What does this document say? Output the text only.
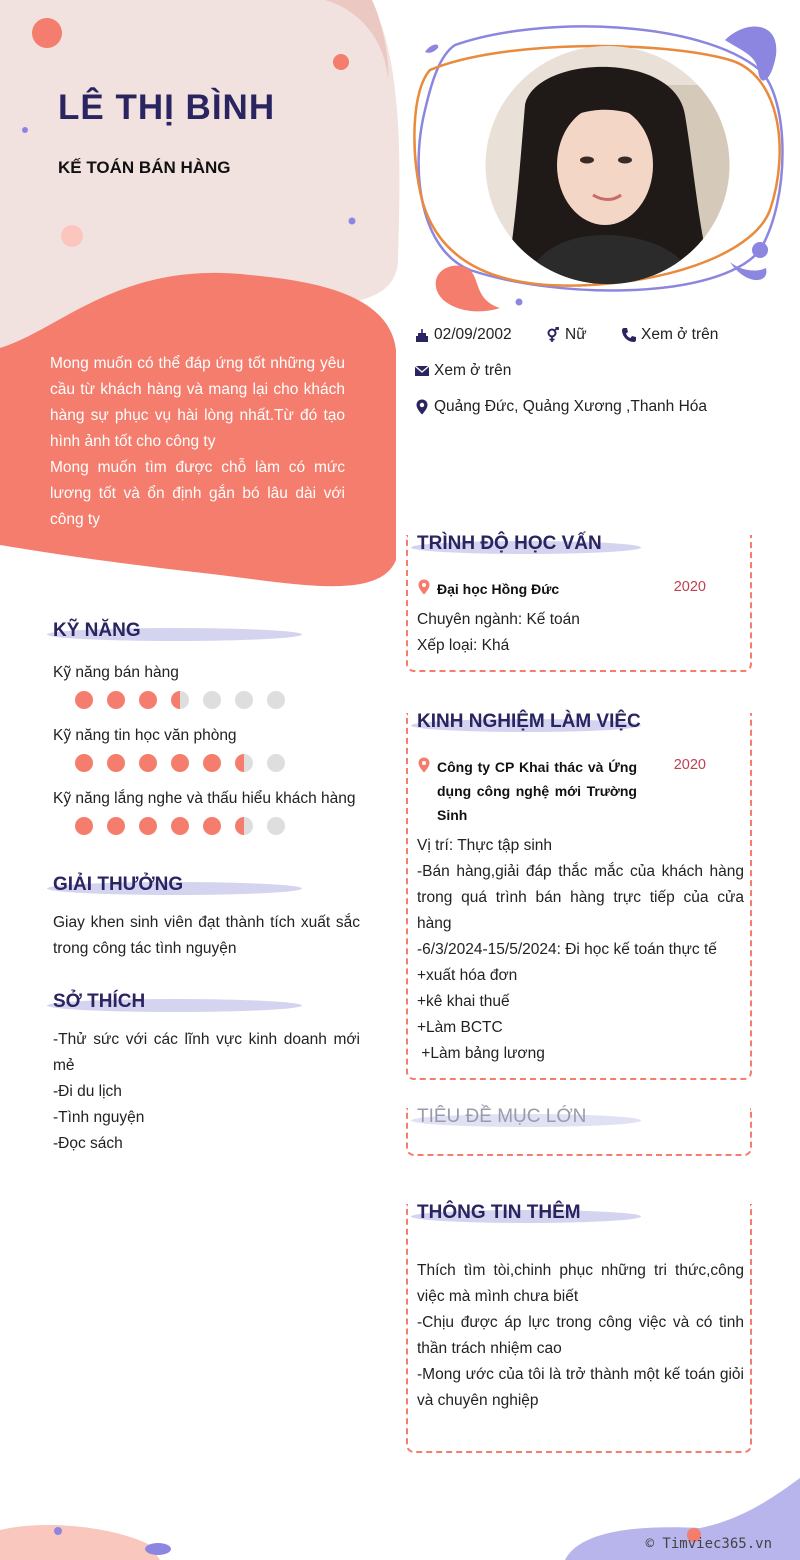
LÊ THỊ BÌNH
KẾ TOÁN BÁN HÀNG

Mong muốn có thể đáp ứng tốt những yêu cầu từ khách hàng và mang lại cho khách hàng sự phục vụ hài lòng nhất.Từ đó tạo hình ảnh tốt cho công ty

Mong muốn tìm được chỗ làm có mức lương tốt và ổn định gắn bó lâu dài với công ty

02/09/2002	Nữ	Xem ở trên
Xem ở trên
Quảng Đức, Quảng Xương ,Thanh Hóa
KỸ NĂNG
Kỹ năng bán hàng
Kỹ năng tin học văn phòng
Kỹ năng lắng nghe và thấu hiểu khách hàng
GIẢI THƯỞNG
Giay khen sinh viên đạt thành tích xuất sắc trong công tác tình nguyện
SỞ THÍCH
-Thử sức với các lĩnh vực kinh doanh mới mẻ
-Đi du lịch
-Tình nguyện
-Đọc sách
TRÌNH ĐỘ HỌC VẤN
Đại học Hồng Đức	2020
Chuyên ngành: Kế toán
Xếp loại: Khá
KINH NGHIỆM LÀM VIỆC
Công ty CP Khai thác và Ứng dụng công nghệ mới Trường Sinh
2020
Vị trí: Thực tập sinh
-Bán hàng,giải đáp thắc mắc của khách hàng trong quá trình bán hàng trực tiếp của cửa hàng
-6/3/2024-15/5/2024: Đi học kế toán thực tế
+xuất hóa đơn
+kê khai thuế
+Làm BCTC
+Làm bảng lương
TIÊU ĐỀ MỤC LỚN
THÔNG TIN THÊM
Thích tìm tòi,chinh phục những tri thức,công việc mà mình chưa biết
-Chịu được áp lực trong công việc và có tinh thần trách nhiệm cao
-Mong ước của tôi là trở thành một kế toán giỏi và chuyên nghiệp
© Timviec365.vn
